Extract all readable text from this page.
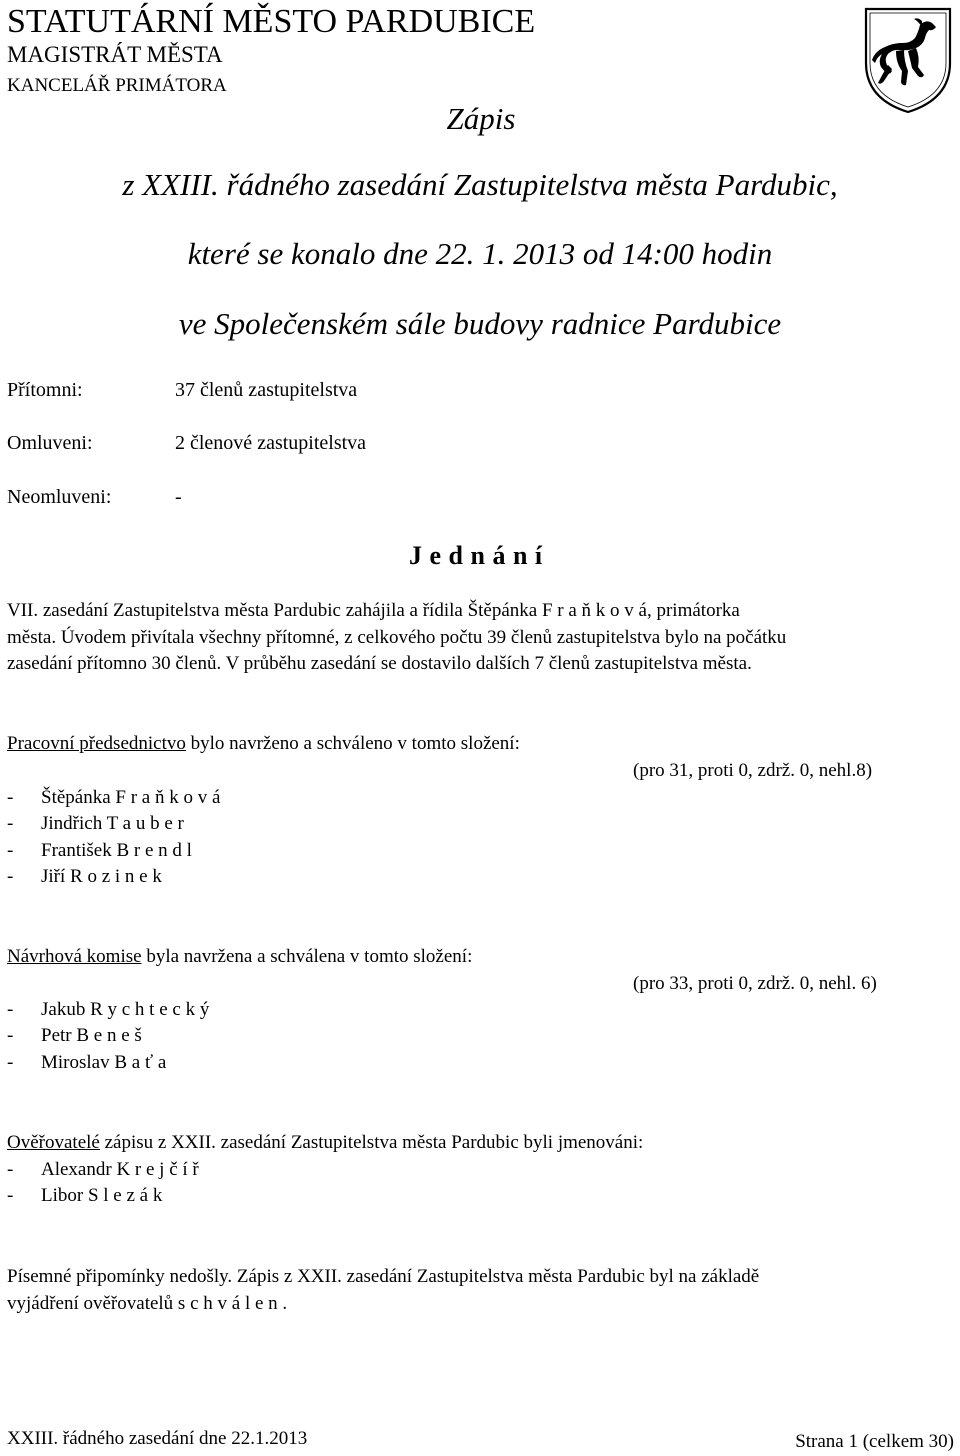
STATUTÁRNÍ MĚSTO PARDUBICE
MAGISTRÁT MĚSTA
KANCELÁŘ PRIMÁTORA
Zápis
z XXIII. řádného zasedání Zastupitelstva města Pardubic,
které se konalo dne 22. 1. 2013 od 14:00 hodin
ve Společenském sále budovy radnice Pardubice
Přítomni:	37 členů zastupitelstva
Omluveni:	2 členové zastupitelstva
Neomluveni:	-
J e d n á n í
VII. zasedání Zastupitelstva města Pardubic zahájila a řídila Štěpánka F r a ň k o v á, primátorka
města. Úvodem přivítala všechny přítomné, z celkového počtu 39 členů zastupitelstva bylo na počátku
zasedání přítomno 30 členů. V průběhu zasedání se dostavilo dalších 7 členů zastupitelstva města.
Pracovní předsednictvo bylo navrženo a schváleno v tomto složení:
(pro 31, proti 0, zdrž. 0, nehl.8)
- Štěpánka F r a ň k o v á
- Jindřich T a u b e r
- František B r e n d l
- Jiří R o z i n e k
Návrhová komise byla navržena a schválena v tomto složení:
(pro 33, proti 0, zdrž. 0, nehl. 6)
- Jakub R y c h t e c k ý
- Petr B e n e š
- Miroslav B a ť a
Ověřovatelé zápisu z XXII. zasedání Zastupitelstva města Pardubic byli jmenováni:
- Alexandr K r e j č í ř
- Libor S l e z á k
Písemné připomínky nedošly. Zápis z XXII. zasedání Zastupitelstva města Pardubic byl na základě
vyjádření ověřovatelů s c h v á l e n .
XXIII. řádného zasedání dne 22.1.2013	Strana 1 (celkem 30)
